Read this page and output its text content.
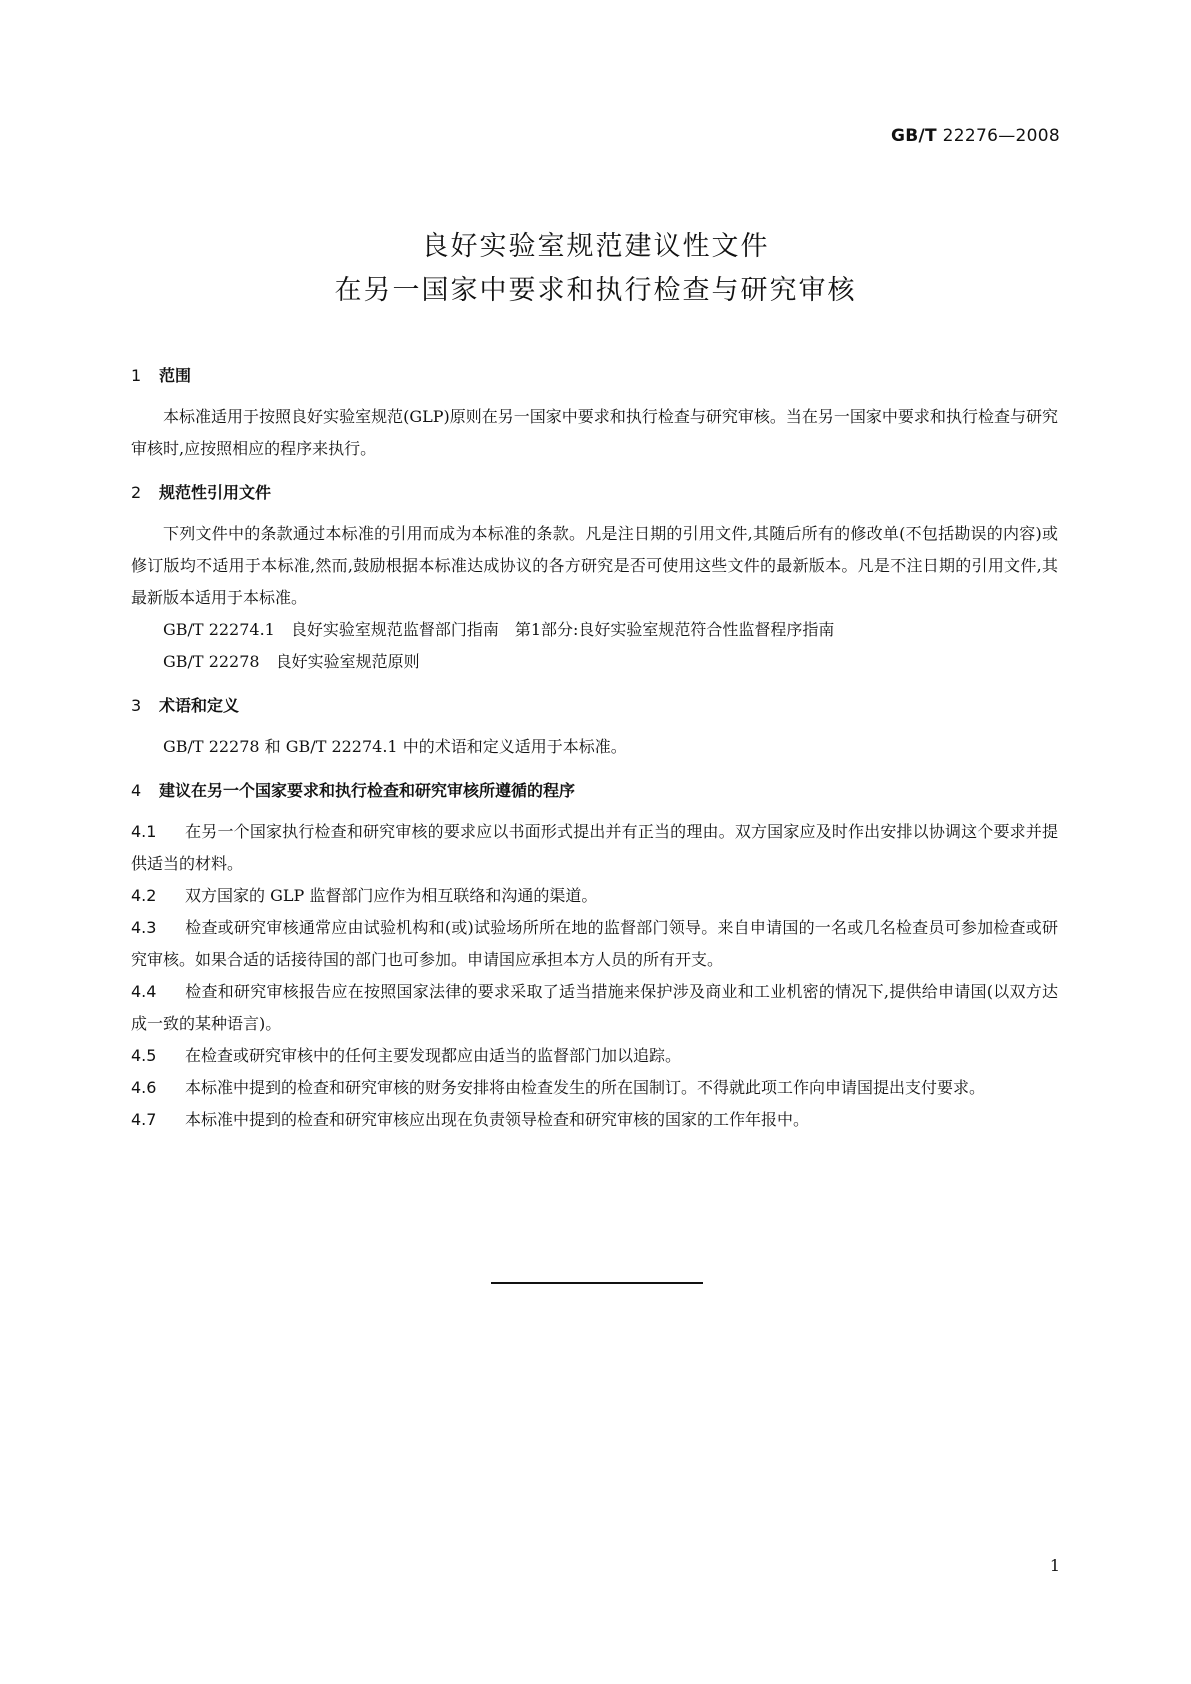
GB/T 22276—2008
良好实验室规范建议性文件
在另一国家中要求和执行检查与研究审核
1 范围
本标准适用于按照良好实验室规范(GLP)原则在另一国家中要求和执行检查与研究审核。当在另一国家中要求和执行检查与研究审核时,应按照相应的程序来执行。
2 规范性引用文件
下列文件中的条款通过本标准的引用而成为本标准的条款。凡是注日期的引用文件,其随后所有的修改单(不包括勘误的内容)或修订版均不适用于本标准,然而,鼓励根据本标准达成协议的各方研究是否可使用这些文件的最新版本。凡是不注日期的引用文件,其最新版本适用于本标准。
GB/T 22274.1　良好实验室规范监督部门指南　第1部分:良好实验室规范符合性监督程序指南
GB/T 22278　良好实验室规范原则
3 术语和定义
GB/T 22278 和 GB/T 22274.1 中的术语和定义适用于本标准。
4 建议在另一个国家要求和执行检查和研究审核所遵循的程序
4.1 在另一个国家执行检查和研究审核的要求应以书面形式提出并有正当的理由。双方国家应及时作出安排以协调这个要求并提供适当的材料。
4.2 双方国家的 GLP 监督部门应作为相互联络和沟通的渠道。
4.3 检查或研究审核通常应由试验机构和(或)试验场所所在地的监督部门领导。来自申请国的一名或几名检查员可参加检查或研究审核。如果合适的话接待国的部门也可参加。申请国应承担本方人员的所有开支。
4.4 检查和研究审核报告应在按照国家法律的要求采取了适当措施来保护涉及商业和工业机密的情况下,提供给申请国(以双方达成一致的某种语言)。
4.5 在检查或研究审核中的任何主要发现都应由适当的监督部门加以追踪。
4.6 本标准中提到的检查和研究审核的财务安排将由检查发生的所在国制订。不得就此项工作向申请国提出支付要求。
4.7 本标准中提到的检查和研究审核应出现在负责领导检查和研究审核的国家的工作年报中。
1
